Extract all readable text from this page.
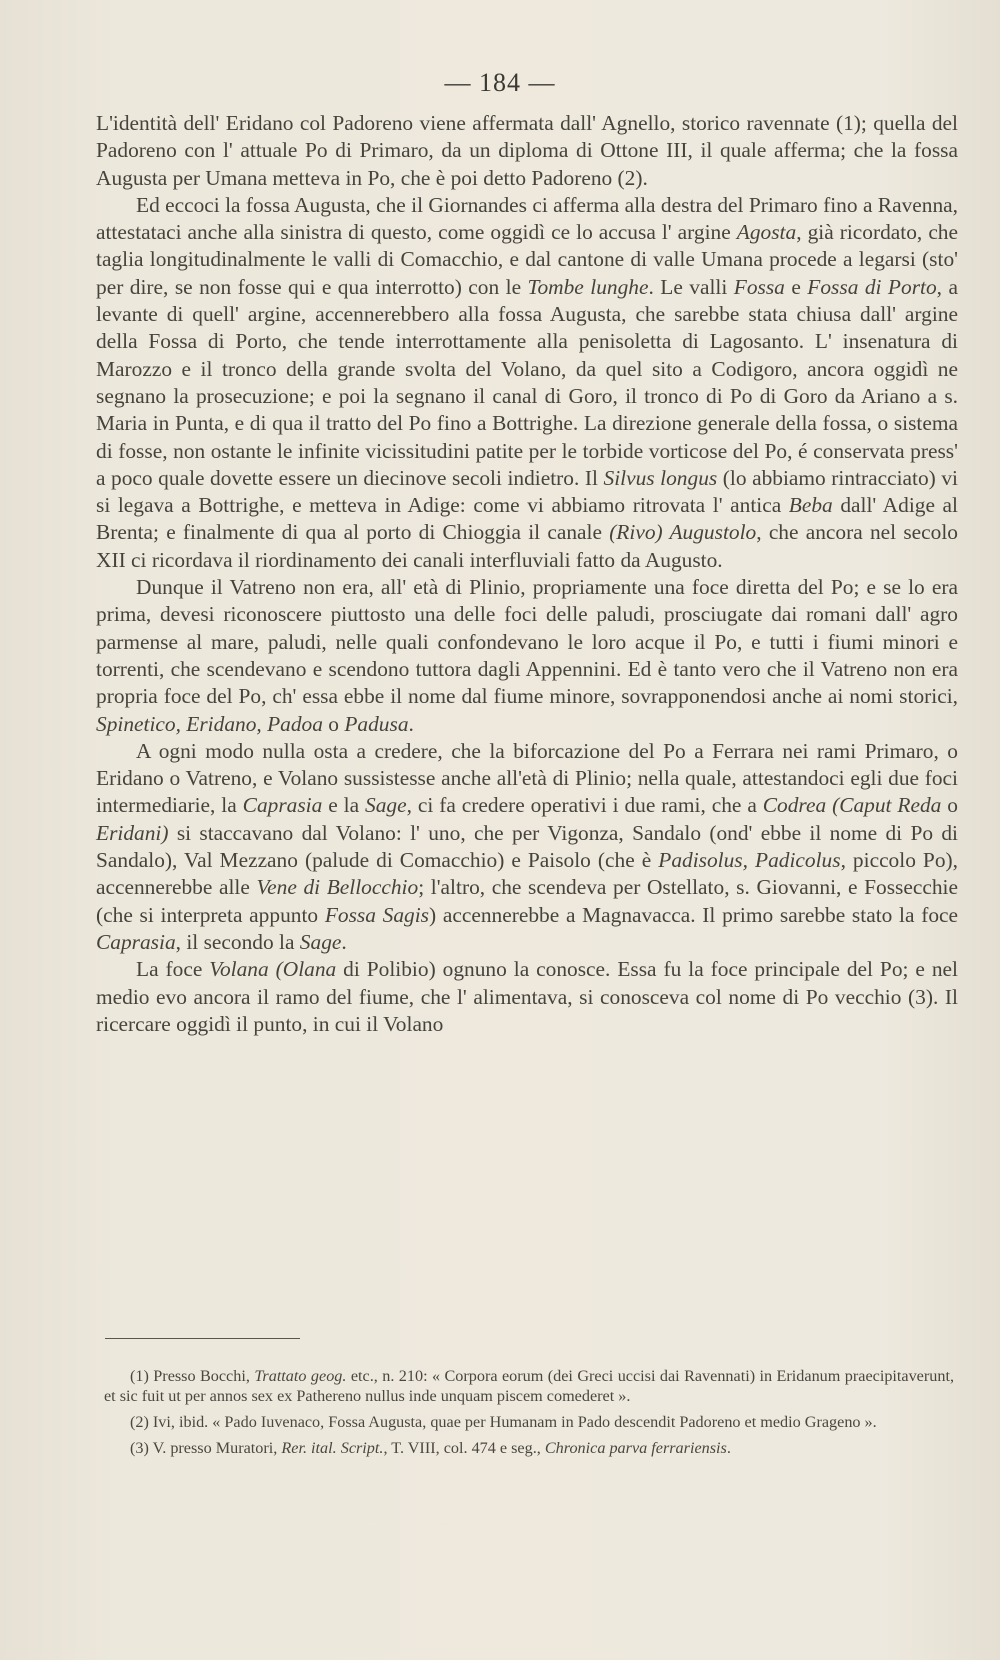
— 184 —

L'identità dell' Eridano col Padoreno viene affermata dall' Agnello, storico ravennate (1); quella del Padoreno con l' attuale Po di Primaro, da un diploma di Ottone III, il quale afferma; che la fossa Augusta per Umana metteva in Po, che è poi detto Padoreno (2).

Ed eccoci la fossa Augusta, che il Giornandes ci afferma alla destra del Primaro fino a Ravenna, attestataci anche alla sinistra di questo, come oggidì ce lo accusa l' argine Agosta, già ricordato, che taglia longitudinalmente le valli di Comacchio, e dal cantone di valle Umana procede a legarsi (sto' per dire, se non fosse qui e qua interrotto) con le Tombe lunghe. Le valli Fossa e Fossa di Porto, a levante di quell' argine, accennerebbero alla fossa Augusta, che sarebbe stata chiusa dall' argine della Fossa di Porto, che tende interrottamente alla penisoletta di Lagosanto. L' insenatura di Marozzo e il tronco della grande svolta del Volano, da quel sito a Codigoro, ancora oggidì ne segnano la prosecuzione; e poi la segnano il canal di Goro, il tronco di Po di Goro da Ariano a s. Maria in Punta, e di qua il tratto del Po fino a Bottrighe. La direzione generale della fossa, o sistema di fosse, non ostante le infinite vicissitudini patite per le torbide vorticose del Po, é conservata press' a poco quale dovette essere un diecinove secoli indietro. Il Silvus longus (lo abbiamo rintracciato) vi si legava a Bottrighe, e metteva in Adige: come vi abbiamo ritrovata l' antica Beba dall' Adige al Brenta; e finalmente di qua al porto di Chioggia il canale (Rivo) Augustolo, che ancora nel secolo XII ci ricordava il riordinamento dei canali interfluviali fatto da Augusto.

Dunque il Vatreno non era, all' età di Plinio, propriamente una foce diretta del Po; e se lo era prima, devesi riconoscere piuttosto una delle foci delle paludi, prosciugate dai romani dall' agro parmense al mare, paludi, nelle quali confondevano le loro acque il Po, e tutti i fiumi minori e torrenti, che scendevano e scendono tuttora dagli Appennini. Ed è tanto vero che il Vatreno non era propria foce del Po, ch' essa ebbe il nome dal fiume minore, sovrapponendosi anche ai nomi storici, Spinetico, Eridano, Padoa o Padusa.

A ogni modo nulla osta a credere, che la biforcazione del Po a Ferrara nei rami Primaro, o Eridano o Vatreno, e Volano sussistesse anche all'età di Plinio; nella quale, attestandoci egli due foci intermediarie, la Caprasia e la Sage, ci fa credere operativi i due rami, che a Codrea (Caput Reda o Eridani) si staccavano dal Volano: l' uno, che per Vigonza, Sandalo (ond' ebbe il nome di Po di Sandalo), Val Mezzano (palude di Comacchio) e Paisolo (che è Padisolus, Padicolus, piccolo Po), accennerebbe alle Vene di Bellocchio; l'altro, che scendeva per Ostellato, s. Giovanni, e Fossecchie (che si interpreta appunto Fossa Sagis) accennerebbe a Magnavacca. Il primo sarebbe stato la foce Caprasia, il secondo la Sage.

La foce Volana (Olana di Polibio) ognuno la conosce. Essa fu la foce principale del Po; e nel medio evo ancora il ramo del fiume, che l' alimentava, si conosceva col nome di Po vecchio (3). Il ricercare oggidì il punto, in cui il Volano

(1) Presso Bocchi, Trattato geog. etc., n. 210: « Corpora eorum (dei Greci uccisi dai Ravennati) in Eridanum praecipitaverunt, et sic fuit ut per annos sex ex Pathereno nullus inde unquam piscem comederet ».

(2) Ivi, ibid. « Pado Iuvenaco, Fossa Augusta, quae per Humanam in Pado descendit Padoreno et medio Grageno ».

(3) V. presso Muratori, Rer. ital. Script., T. VIII, col. 474 e seg., Chronica parva ferrariensis.
